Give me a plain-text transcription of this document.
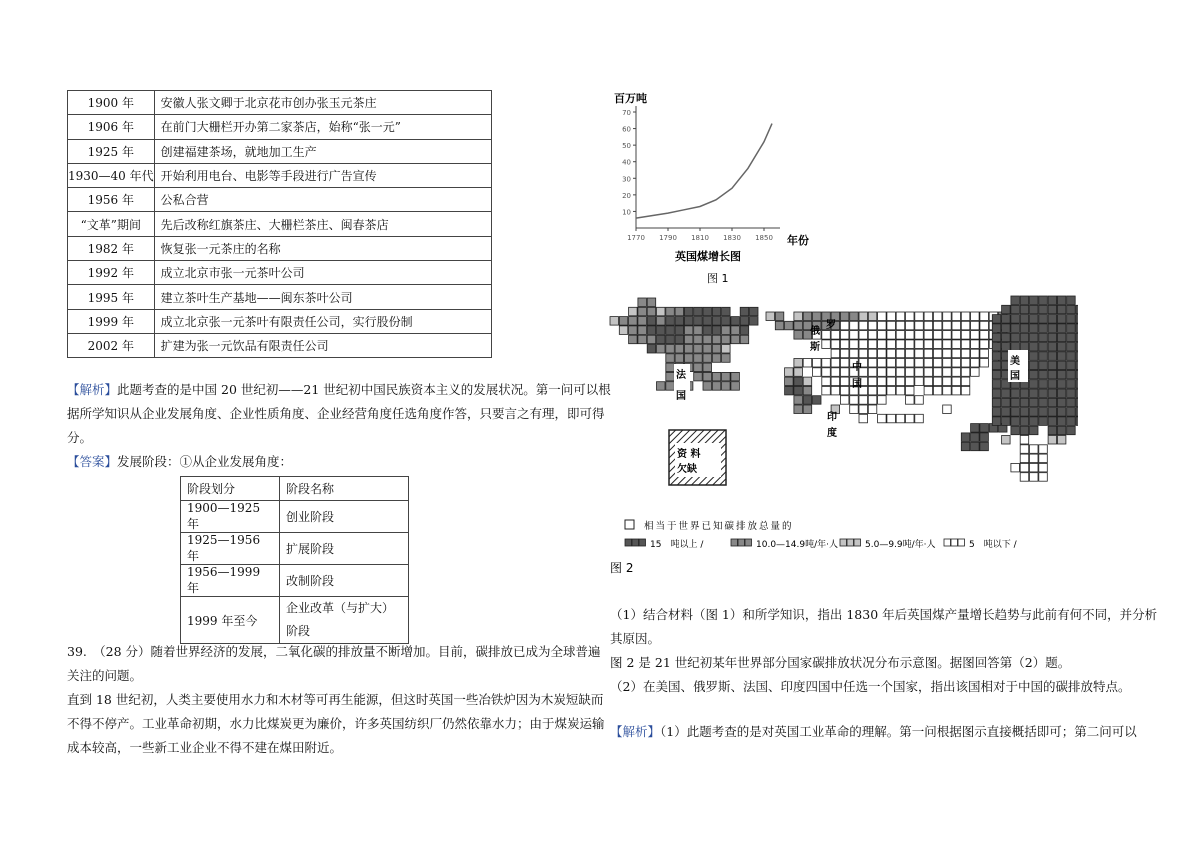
1900 年	安徽人张文卿于北京花市创办张玉元茶庄
1906 年	在前门大栅栏开办第二家茶店，始称“张一元”
1925 年	创建福建茶场，就地加工生产
1930—40 年代	开始利用电台、电影等手段进行广告宣传
1956 年	公私合营
“文革”期间	先后改称红旗茶庄、大栅栏茶庄、闽春茶店
1982 年	恢复张一元茶庄的名称
1992 年	成立北京市张一元茶叶公司
1995 年	建立茶叶生产基地——闽东茶叶公司
1999 年	成立北京张一元茶叶有限责任公司，实行股份制
2002 年	扩建为张一元饮品有限责任公司
【解析】此题考查的是中国 20 世纪初——21 世纪初中国民族资本主义的发展状况。第一问可以根
据所学知识从企业发展角度、企业性质角度、企业经营角度任选角度作答，只要言之有理，即可得
分。
【答案】发展阶段：①从企业发展角度：
阶段划分	阶段名称
1900—1925 年	创业阶段
1925—1956 年	扩展阶段
1956—1999 年	改制阶段
1999 年至今	企业改革（与扩大）阶段
39.　（28 分）随着世界经济的发展，二氧化碳的排放量不断增加。目前，碳排放已成为全球普遍
关注的问题。
直到 18 世纪初，人类主要使用水力和木材等可再生能源，但这时英国一些冶铁炉因为木炭短缺而
不得不停产。工业革命初期，水力比煤炭更为廉价，许多英国纺织厂仍然依靠水力；由于煤炭运输
成本较高，一些新工业企业不得不建在煤田附近。
百万吨
年份
英国煤增长图
图 1
10
20
30
40
50
60
70
1770 1790 1810 1830 1850
法
国
资 料
欠缺
俄
罗
斯
中
国
印
度
美
国
相当于世界已知碳排放总量的
15　吨以上 /	10.0—14.9吨/年·人	5.0—9.9吨/年·人	5　吨以下 /
图 2
（1）结合材料（图 1）和所学知识，指出 1830 年后英国煤产量增长趋势与此前有何不同，并分析
其原因。
图 2 是 21 世纪初某年世界部分国家碳排放状况分布示意图。据图回答第（2）题。
（2）在美国、俄罗斯、法国、印度四国中任选一个国家，指出该国相对于中国的碳排放特点。
【解析】（1）此题考查的是对英国工业革命的理解。第一问根据图示直接概括即可；第二问可以
